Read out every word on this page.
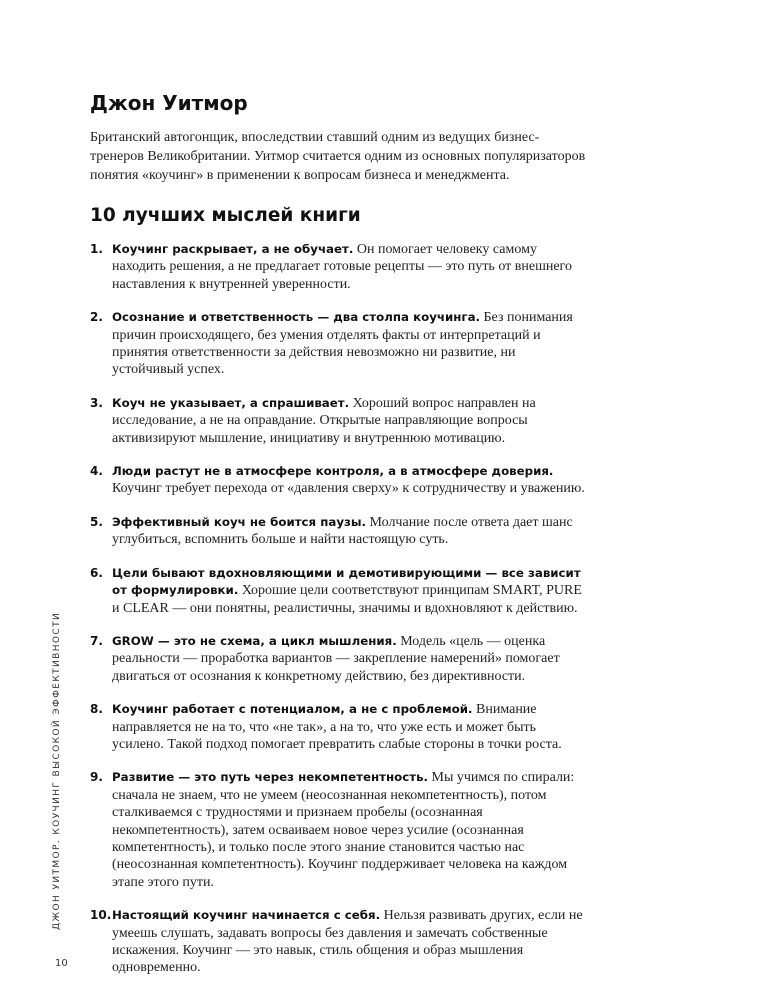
Джон Уитмор

Британский автогонщик, впоследствии ставший одним из ведущих бизнес-тренеров Великобритании. Уитмор считается одним из основных популяризаторов понятия «коучинг» в применении к вопросам бизнеса и менеджмента.

10 лучших мыслей книги
1. Коучинг раскрывает, а не обучает. Он помогает человеку самому находить решения, а не предлагает готовые рецепты — это путь от внешнего наставления к внутренней уверенности.
2. Осознание и ответственность — два столпа коучинга. Без понимания причин происходящего, без умения отделять факты от интерпретаций и принятия ответственности за действия невозможно ни развитие, ни устойчивый успех.
3. Коуч не указывает, а спрашивает. Хороший вопрос направлен на исследование, а не на оправдание. Открытые направляющие вопросы активизируют мышление, инициативу и внутреннюю мотивацию.
4. Люди растут не в атмосфере контроля, а в атмосфере доверия. Коучинг требует перехода от «давления сверху» к сотрудничеству и уважению.
5. Эффективный коуч не боится паузы. Молчание после ответа дает шанс углубиться, вспомнить больше и найти настоящую суть.
6. Цели бывают вдохновляющими и демотивирующими — все зависит от формулировки. Хорошие цели соответствуют принципам SMART, PURE и CLEAR — они понятны, реалистичны, значимы и вдохновляют к действию.
7. GROW — это не схема, а цикл мышления. Модель «цель — оценка реальности — проработка вариантов — закрепление намерений» помогает двигаться от осознания к конкретному действию, без директивности.
8. Коучинг работает с потенциалом, а не с проблемой. Внимание направляется не на то, что «не так», а на то, что уже есть и может быть усилено. Такой подход помогает превратить слабые стороны в точки роста.
9. Развитие — это путь через некомпетентность. Мы учимся по спирали: сначала не знаем, что не умеем (неосознанная некомпетентность), потом сталкиваемся с трудностями и признаем пробелы (осознанная некомпетентность), затем осваиваем новое через усилие (осознанная компетентность), и только после этого знание становится частью нас (неосознанная компетентность). Коучинг поддерживает человека на каждом этапе этого пути.
10. Настоящий коучинг начинается с себя. Нельзя развивать других, если не умеешь слушать, задавать вопросы без давления и замечать собственные искажения. Коучинг — это навык, стиль общения и образ мышления одновременно.
ДЖОН УИТМОР. КОУЧИНГ ВЫСОКОЙ ЭФФЕКТИВНОСТИ
10
